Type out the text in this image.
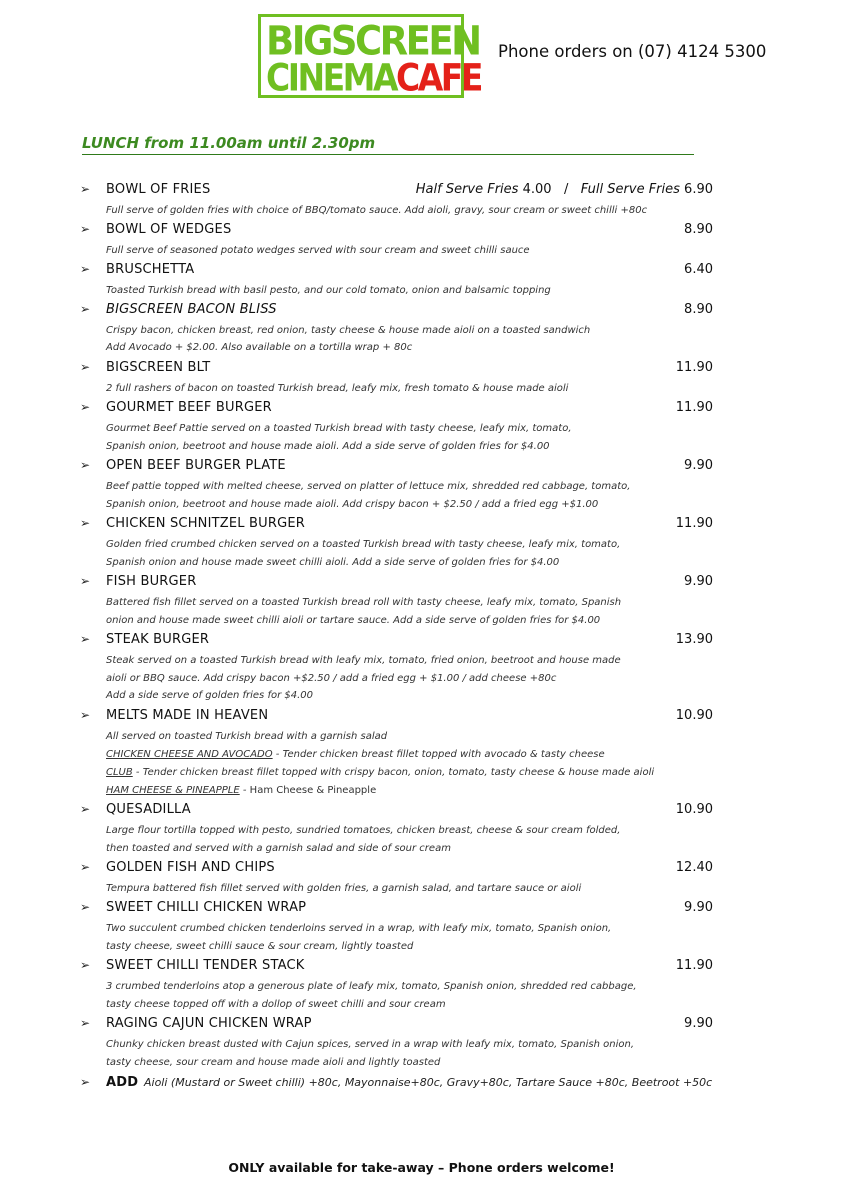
BIGSCREEN
CINEMACAFE
Phone orders on (07) 4124 5300
LUNCH from 11.00am until 2.30pm
➢ BOWL OF FRIES	Half Serve Fries 4.00 / Full Serve Fries 6.90
Full serve of golden fries with choice of BBQ/tomato sauce. Add aioli, gravy, sour cream or sweet chilli +80c
➢ BOWL OF WEDGES	8.90
Full serve of seasoned potato wedges served with sour cream and sweet chilli sauce
➢ BRUSCHETTA	6.40
Toasted Turkish bread with basil pesto, and our cold tomato, onion and balsamic topping
➢ BIGSCREEN BACON BLISS	8.90
Crispy bacon, chicken breast, red onion, tasty cheese & house made aioli on a toasted sandwich
Add Avocado + $2.00. Also available on a tortilla wrap + 80c
➢ BIGSCREEN BLT	11.90
2 full rashers of bacon on toasted Turkish bread, leafy mix, fresh tomato & house made aioli
➢ GOURMET BEEF BURGER	11.90
Gourmet Beef Pattie served on a toasted Turkish bread with tasty cheese, leafy mix, tomato,
Spanish onion, beetroot and house made aioli. Add a side serve of golden fries for $4.00
➢ OPEN BEEF BURGER PLATE	9.90
Beef pattie topped with melted cheese, served on platter of lettuce mix, shredded red cabbage, tomato,
Spanish onion, beetroot and house made aioli. Add crispy bacon + $2.50 / add a fried egg +$1.00
➢ CHICKEN SCHNITZEL BURGER	11.90
Golden fried crumbed chicken served on a toasted Turkish bread with tasty cheese, leafy mix, tomato,
Spanish onion and house made sweet chilli aioli. Add a side serve of golden fries for $4.00
➢ FISH BURGER	9.90
Battered fish fillet served on a toasted Turkish bread roll with tasty cheese, leafy mix, tomato, Spanish
onion and house made sweet chilli aioli or tartare sauce. Add a side serve of golden fries for $4.00
➢ STEAK BURGER	13.90
Steak served on a toasted Turkish bread with leafy mix, tomato, fried onion, beetroot and house made
aioli or BBQ sauce. Add crispy bacon +$2.50 / add a fried egg + $1.00 / add cheese +80c
Add a side serve of golden fries for $4.00
➢ MELTS MADE IN HEAVEN	10.90
All served on toasted Turkish bread with a garnish salad
CHICKEN CHEESE AND AVOCADO - Tender chicken breast fillet topped with avocado & tasty cheese
CLUB - Tender chicken breast fillet topped with crispy bacon, onion, tomato, tasty cheese & house made aioli
HAM CHEESE & PINEAPPLE - Ham Cheese & Pineapple
➢ QUESADILLA	10.90
Large flour tortilla topped with pesto, sundried tomatoes, chicken breast, cheese & sour cream folded,
then toasted and served with a garnish salad and side of sour cream
➢ GOLDEN FISH AND CHIPS	12.40
Tempura battered fish fillet served with golden fries, a garnish salad, and tartare sauce or aioli
➢ SWEET CHILLI CHICKEN WRAP	9.90
Two succulent crumbed chicken tenderloins served in a wrap, with leafy mix, tomato, Spanish onion,
tasty cheese, sweet chilli sauce & sour cream, lightly toasted
➢ SWEET CHILLI TENDER STACK	11.90
3 crumbed tenderloins atop a generous plate of leafy mix, tomato, Spanish onion, shredded red cabbage,
tasty cheese topped off with a dollop of sweet chilli and sour cream
➢ RAGING CAJUN CHICKEN WRAP	9.90
Chunky chicken breast dusted with Cajun spices, served in a wrap with leafy mix, tomato, Spanish onion,
tasty cheese, sour cream and house made aioli and lightly toasted
➢ ADD Aioli (Mustard or Sweet chilli) +80c, Mayonnaise+80c, Gravy+80c, Tartare Sauce +80c, Beetroot +50c
ONLY available for take-away – Phone orders welcome!
